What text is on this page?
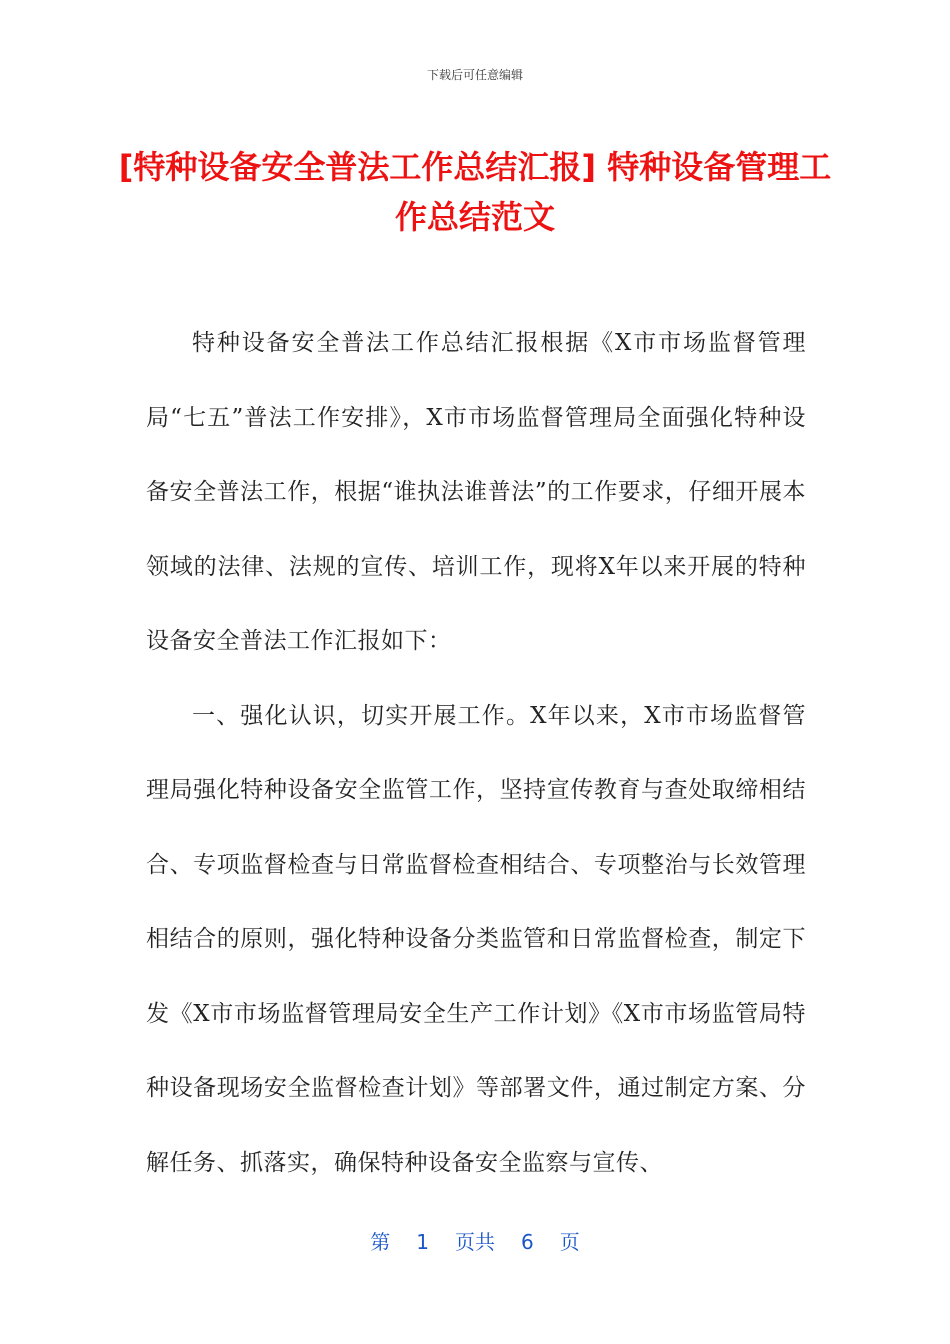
下载后可任意编辑
[特种设备安全普法工作总结汇报] 特种设备管理工作总结范文

特种设备安全普法工作总结汇报根据《X市市场监督管理局“七五”普法工作安排》，X市市场监督管理局全面强化特种设备安全普法工作，根据“谁执法谁普法”的工作要求，仔细开展本领域的法律、法规的宣传、培训工作，现将X年以来开展的特种设备安全普法工作汇报如下：

一、强化认识，切实开展工作。X年以来，X市市场监督管理局强化特种设备安全监管工作，坚持宣传教育与查处取缔相结合、专项监督检查与日常监督检查相结合、专项整治与长效管理相结合的原则，强化特种设备分类监管和日常监督检查，制定下发《X市市场监督管理局安全生产工作计划》《X市市场监管局特种设备现场安全监督检查计划》等部署文件，通过制定方案、分解任务、抓落实，确保特种设备安全监察与宣传、

第 1 页共 6 页
